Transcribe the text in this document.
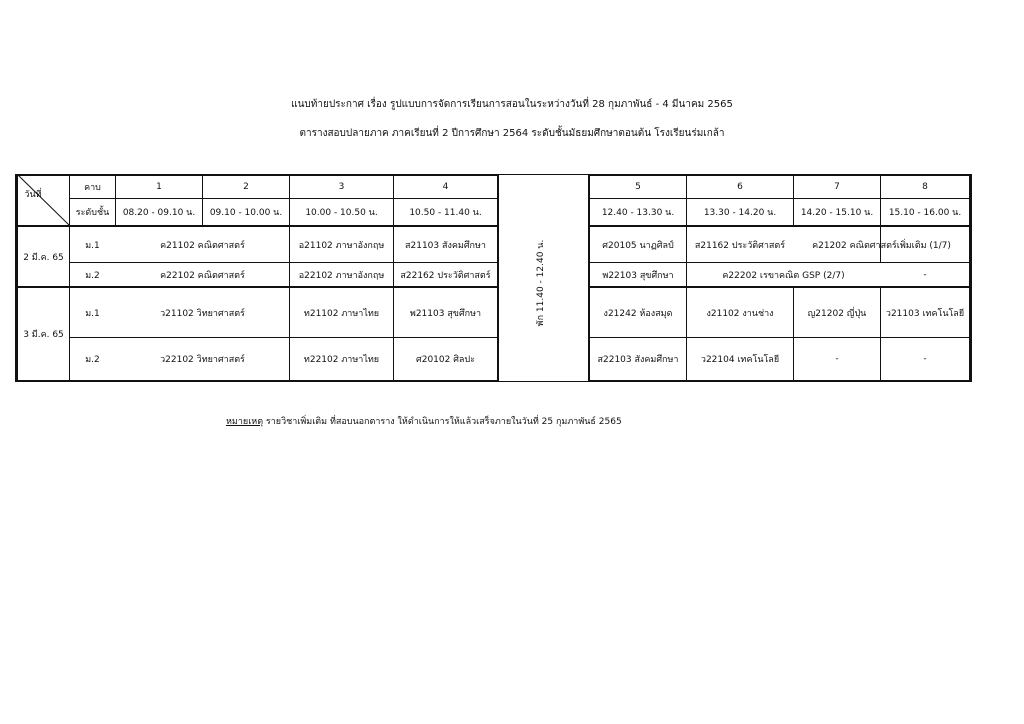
แนบท้ายประกาศ เรื่อง รูปแบบการจัดการเรียนการสอนในระหว่างวันที่ 28 กุมภาพันธ์ - 4 มีนาคม 2565
ตารางสอบปลายภาค ภาคเรียนที่ 2 ปีการศึกษา 2564 ระดับชั้นมัธยมศึกษาตอนต้น โรงเรียนร่มเกล้า
วันที่
คาบ
ระดับชั้น
1	2	3	4	5	6	7	8
08.20 - 09.10 น.	09.10 - 10.00 น.	10.00 - 10.50 น.	10.50 - 11.40 น.	12.40 - 13.30 น.	13.30 - 14.20 น.	14.20 - 15.10 น.	15.10 - 16.00 น.
พัก 11.40 - 12.40 น.
2 มี.ค. 65
ม.1	ค21102 คณิตศาสตร์	อ21102 ภาษาอังกฤษ	ส21103 สังคมศึกษา	ศ20105 นาฏศิลป์	ส21162 ประวัติศาสตร์	ค21202 คณิตศาสตร์เพิ่มเติม (1/7)
ม.2	ค22102 คณิตศาสตร์	อ22102 ภาษาอังกฤษ	ส22162 ประวัติศาสตร์	พ22103 สุขศึกษา	ค22202 เรขาคณิต GSP (2/7)	-
3 มี.ค. 65
ม.1	ว21102 วิทยาศาสตร์	ท21102 ภาษาไทย	พ21103 สุขศึกษา	ง21242 ห้องสมุด	ง21102 งานช่าง	ญ21202 ญี่ปุ่น	ว21103 เทคโนโลยี
ม.2	ว22102 วิทยาศาสตร์	ท22102 ภาษาไทย	ศ20102 ศิลปะ	ส22103 สังคมศึกษา	ว22104 เทคโนโลยี	-	-
หมายเหตุ รายวิชาเพิ่มเติม ที่สอบนอกตาราง ให้ดำเนินการให้แล้วเสร็จภายในวันที่ 25 กุมภาพันธ์ 2565
